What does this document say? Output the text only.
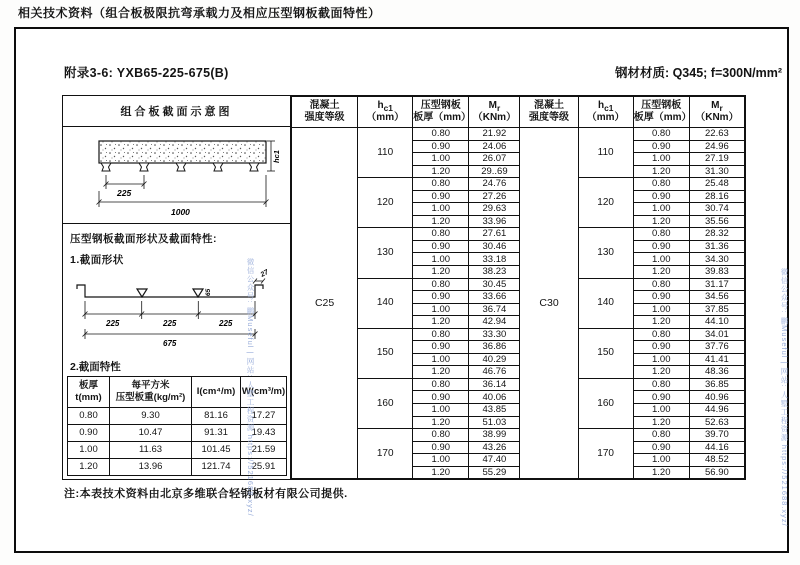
相关技术资料（组合板极限抗弯承载力及相应压型钢板截面特性）
附录3-6: YXB65-225-675(B)	钢材材质: Q345; f=300N/mm²
组合板截面示意图
hc1
225
1000
压型钢板截面形状及截面特性:
1.截面形状
65
27
225	225	225
675
2.截面特性
板厚
t(mm)	每平方米
压型板重(kg/m²)	I(cm⁴/m)	W(cm³/m)
0.80	9.30	81.16	17.27
0.90	10.47	91.31	19.43
1.00	11.63	101.45	21.59
1.20	13.96	121.74	25.91
混凝土
强度等级	$h_{c1}$
（mm）	压型钢板
板厚（mm）	$M_r$
（KNm）	混凝土
强度等级	$h_{c1}$
（mm）	压型钢板
板厚（mm）	$M_r$
（KNm）
C25	110	0.80	21.92	C30	110	0.80	22.63
		0.90	24.06			0.90	24.96
		1.00	26.07			1.00	27.19
		1.20	29..69			1.20	31.30
	120	0.80	24.76		120	0.80	25.48
		0.90	27.26			0.90	28.16
		1.00	29.63			1.00	30.74
		1.20	33.96			1.20	35.56
	130	0.80	27.61		130	0.80	28.32
		0.90	30.46			0.90	31.36
		1.00	33.18			1.00	34.30
		1.20	38.23			1.20	39.83
	140	0.80	30.45		140	0.80	31.17
		0.90	33.66			0.90	34.56
		1.00	36.74			1.00	37.85
		1.20	42.94			1.20	44.10
	150	0.80	33.30		150	0.80	34.01
		0.90	36.86			0.90	37.76
		1.00	40.29			1.00	41.41
		1.20	46.76			1.20	48.36
	160	0.80	36.14		160	0.80	36.85
		0.90	40.06			0.90	40.96
		1.00	43.85			1.00	44.96
		1.20	51.03			1.20	52.63
	170	0.80	38.99		170	0.80	39.70
		0.90	43.26			0.90	44.16
		1.00	47.40			1.00	48.52
		1.20	55.29			1.20	56.90
注:本表技术资料由北京多维联合轻钢板材有限公司提供.
微信公众号: 鹏Museful | 网站: 人墅工程资源 https://521688.xyz/	微信公众号: 鹏Museful | 网站: 人墅工程资源 https://521688.xyz/
